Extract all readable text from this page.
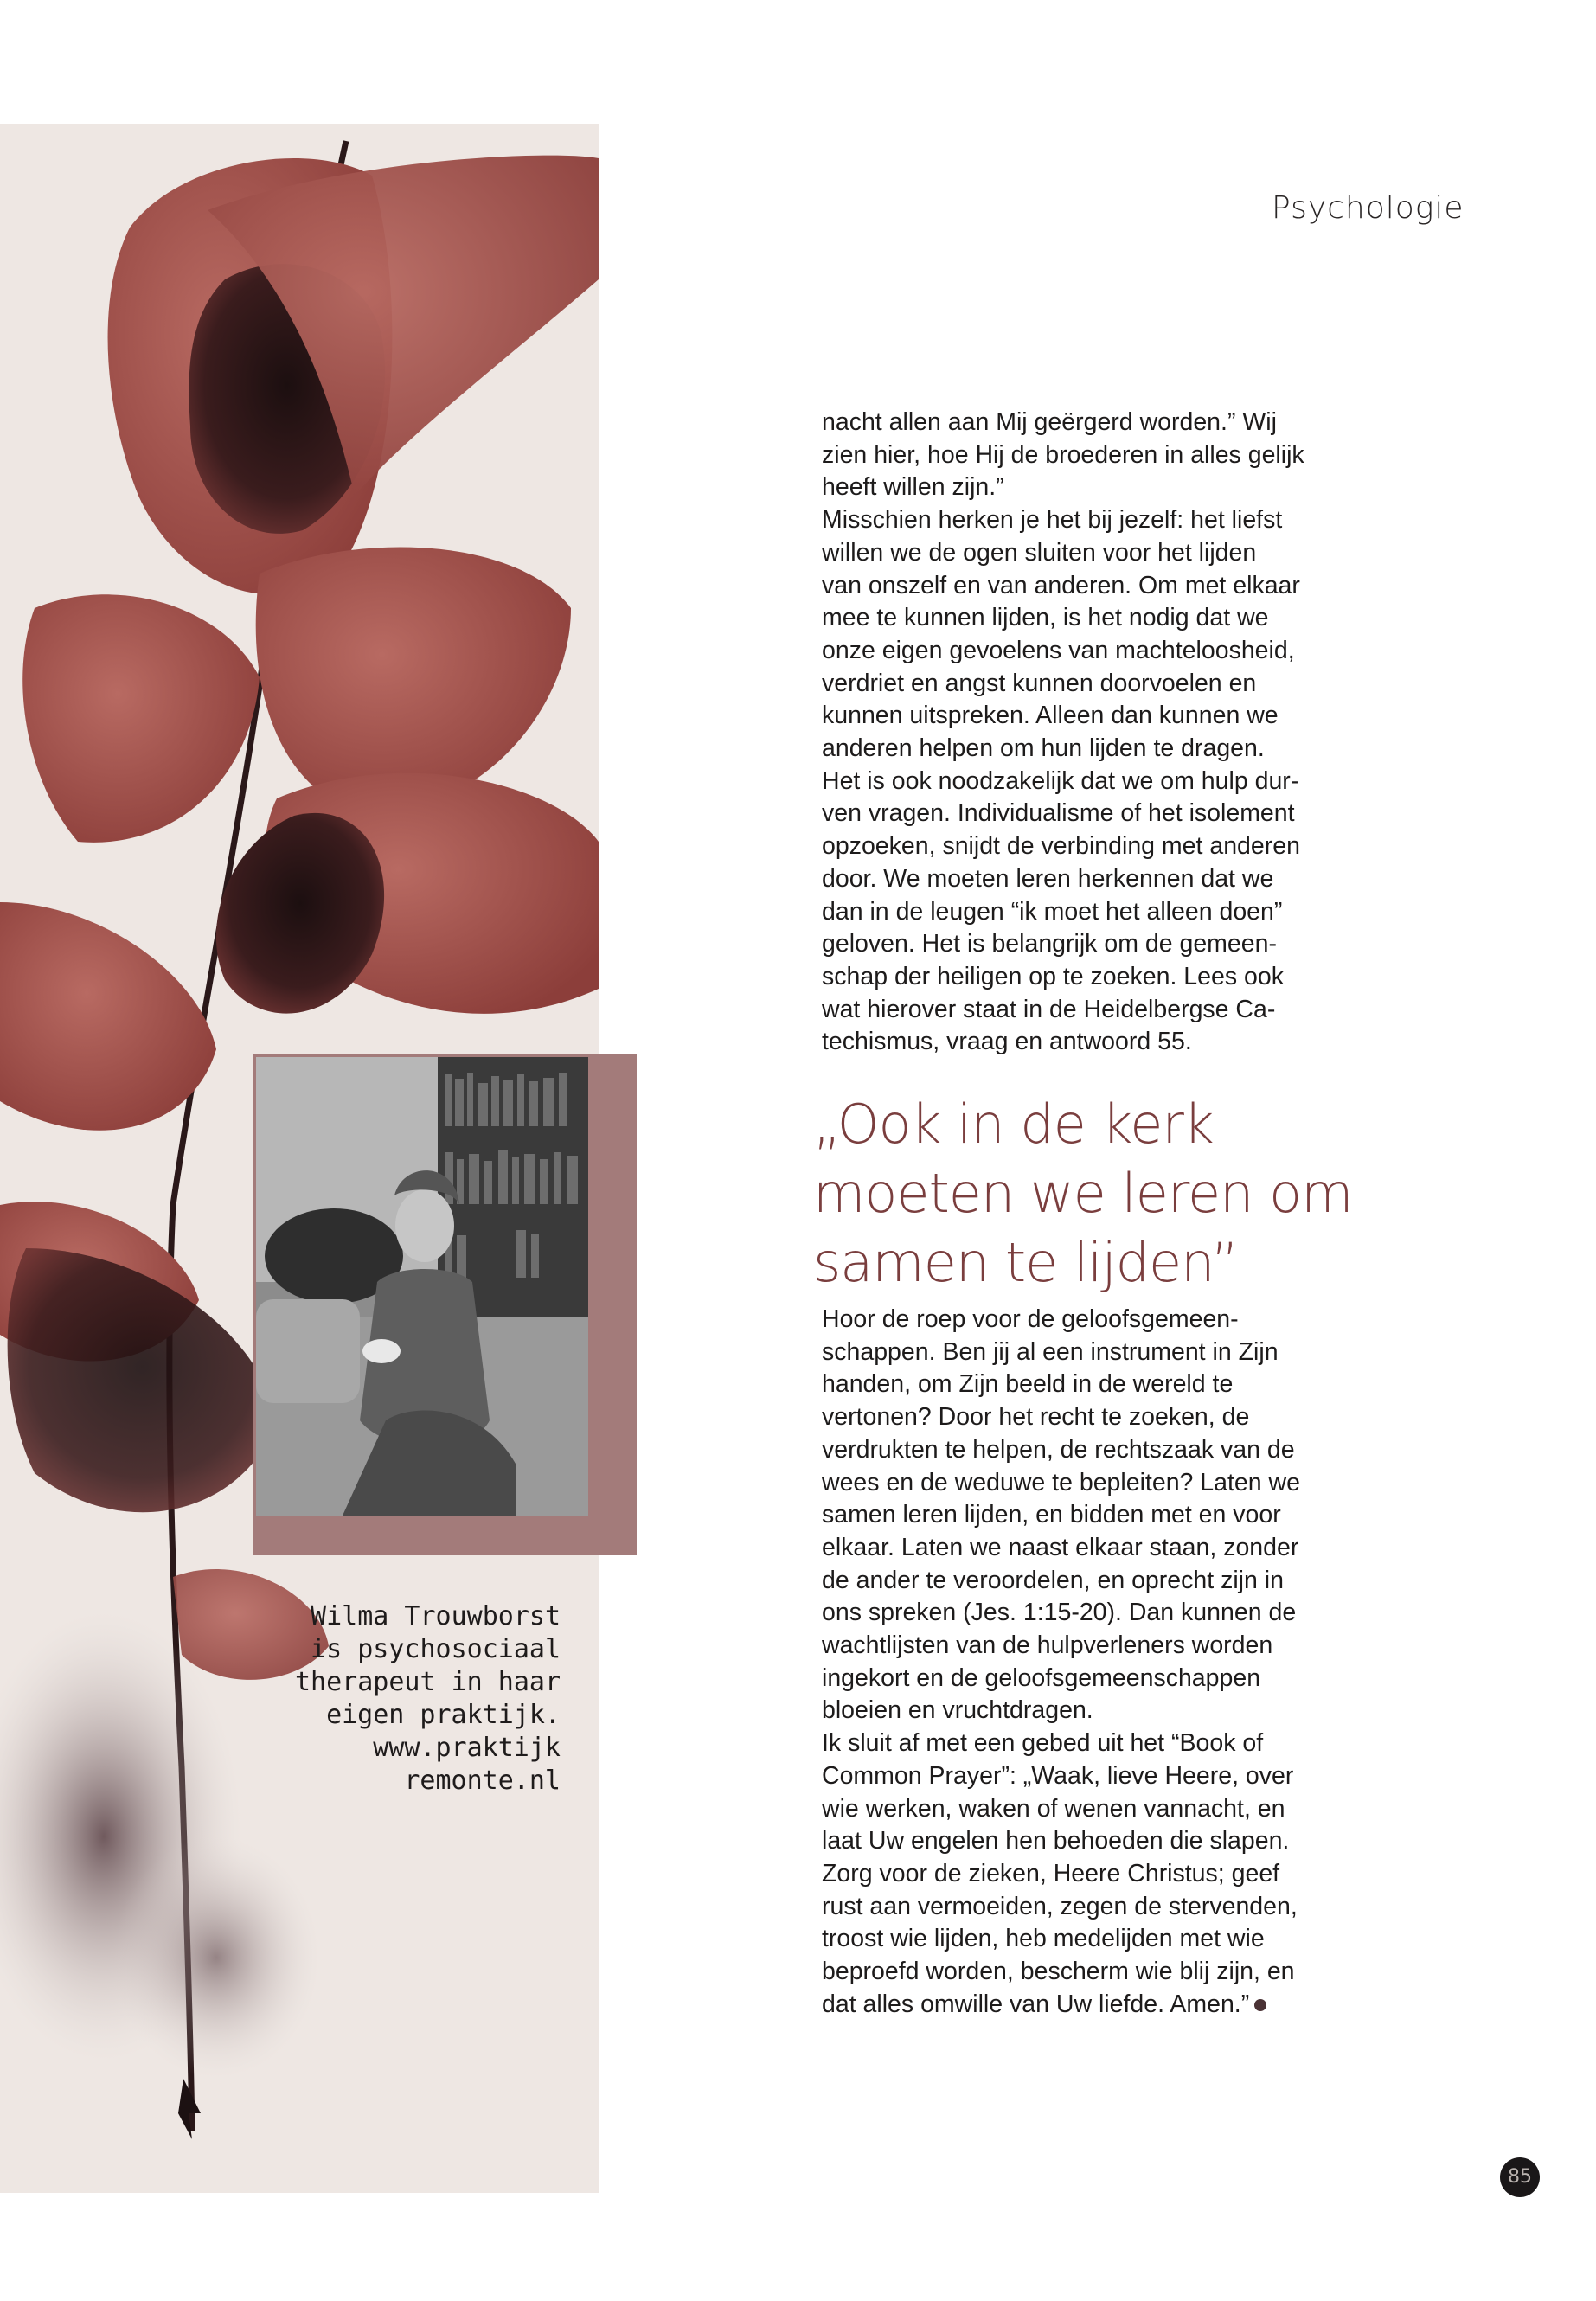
Psychologie
Wilma Trouwborst
is psychosociaal
therapeut in haar
eigen praktijk.
www.praktijk
remonte.nl
nacht allen aan Mij geërgerd worden.” Wij
zien hier, hoe Hij de broederen in alles gelijk
heeft willen zijn.”
Misschien herken je het bij jezelf: het liefst
willen we de ogen sluiten voor het lijden
van onszelf en van anderen. Om met elkaar
mee te kunnen lijden, is het nodig dat we
onze eigen gevoelens van machteloosheid,
verdriet en angst kunnen doorvoelen en
kunnen uitspreken. Alleen dan kunnen we
anderen helpen om hun lijden te dragen.
Het is ook noodzakelijk dat we om hulp dur-
ven vragen. Individualisme of het isolement
opzoeken, snijdt de verbinding met anderen
door. We moeten leren herkennen dat we
dan in de leugen “ik moet het alleen doen”
geloven. Het is belangrijk om de gemeen-
schap der heiligen op te zoeken. Lees ook
wat hierover staat in de Heidelbergse Ca-
techismus, vraag en antwoord 55.
„Ook in de kerk
moeten we leren om
samen te lijden”
Hoor de roep voor de geloofsgemeen-
schappen. Ben jij al een instrument in Zijn
handen, om Zijn beeld in de wereld te
vertonen? Door het recht te zoeken, de
verdrukten te helpen, de rechtszaak van de
wees en de weduwe te bepleiten? Laten we
samen leren lijden, en bidden met en voor
elkaar. Laten we naast elkaar staan, zonder
de ander te veroordelen, en oprecht zijn in
ons spreken (Jes. 1:15-20). Dan kunnen de
wachtlijsten van de hulpverleners worden
ingekort en de geloofsgemeenschappen
bloeien en vruchtdragen.
Ik sluit af met een gebed uit het “Book of
Common Prayer”: „Waak, lieve Heere, over
wie werken, waken of wenen vannacht, en
laat Uw engelen hen behoeden die slapen.
Zorg voor de zieken, Heere Christus; geef
rust aan vermoeiden, zegen de stervenden,
troost wie lijden, heb medelijden met wie
beproefd worden, bescherm wie blij zijn, en
dat alles omwille van Uw liefde. Amen.”
85
